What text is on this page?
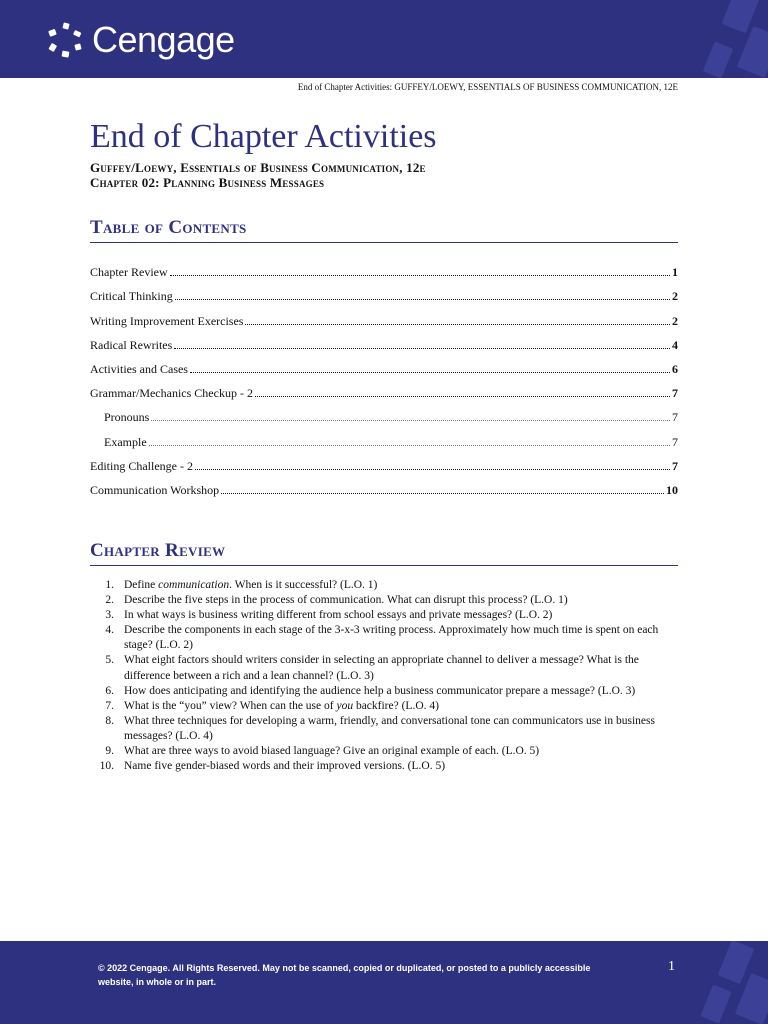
Cengage
End of Chapter Activities: GUFFEY/LOEWY, ESSENTIALS OF BUSINESS COMMUNICATION, 12E
End of Chapter Activities
Guffey/Loewy, Essentials of Business Communication, 12e
Chapter 02: Planning Business Messages
Table of Contents
Chapter Review	1
Critical Thinking	2
Writing Improvement Exercises	2
Radical Rewrites	4
Activities and Cases	6
Grammar/Mechanics Checkup - 2	7
Pronouns	7
Example	7
Editing Challenge - 2	7
Communication Workshop	10
Chapter Review
1. Define communication. When is it successful? (L.O. 1)
2. Describe the five steps in the process of communication. What can disrupt this process? (L.O. 1)
3. In what ways is business writing different from school essays and private messages? (L.O. 2)
4. Describe the components in each stage of the 3-x-3 writing process. Approximately how much time is spent on each stage? (L.O. 2)
5. What eight factors should writers consider in selecting an appropriate channel to deliver a message? What is the difference between a rich and a lean channel? (L.O. 3)
6. How does anticipating and identifying the audience help a business communicator prepare a message? (L.O. 3)
7. What is the “you” view? When can the use of you backfire? (L.O. 4)
8. What three techniques for developing a warm, friendly, and conversational tone can communicators use in business messages? (L.O. 4)
9. What are three ways to avoid biased language? Give an original example of each. (L.O. 5)
10. Name five gender-biased words and their improved versions. (L.O. 5)
© 2022 Cengage. All Rights Reserved. May not be scanned, copied or duplicated, or posted to a publicly accessible website, in whole or in part.
1
